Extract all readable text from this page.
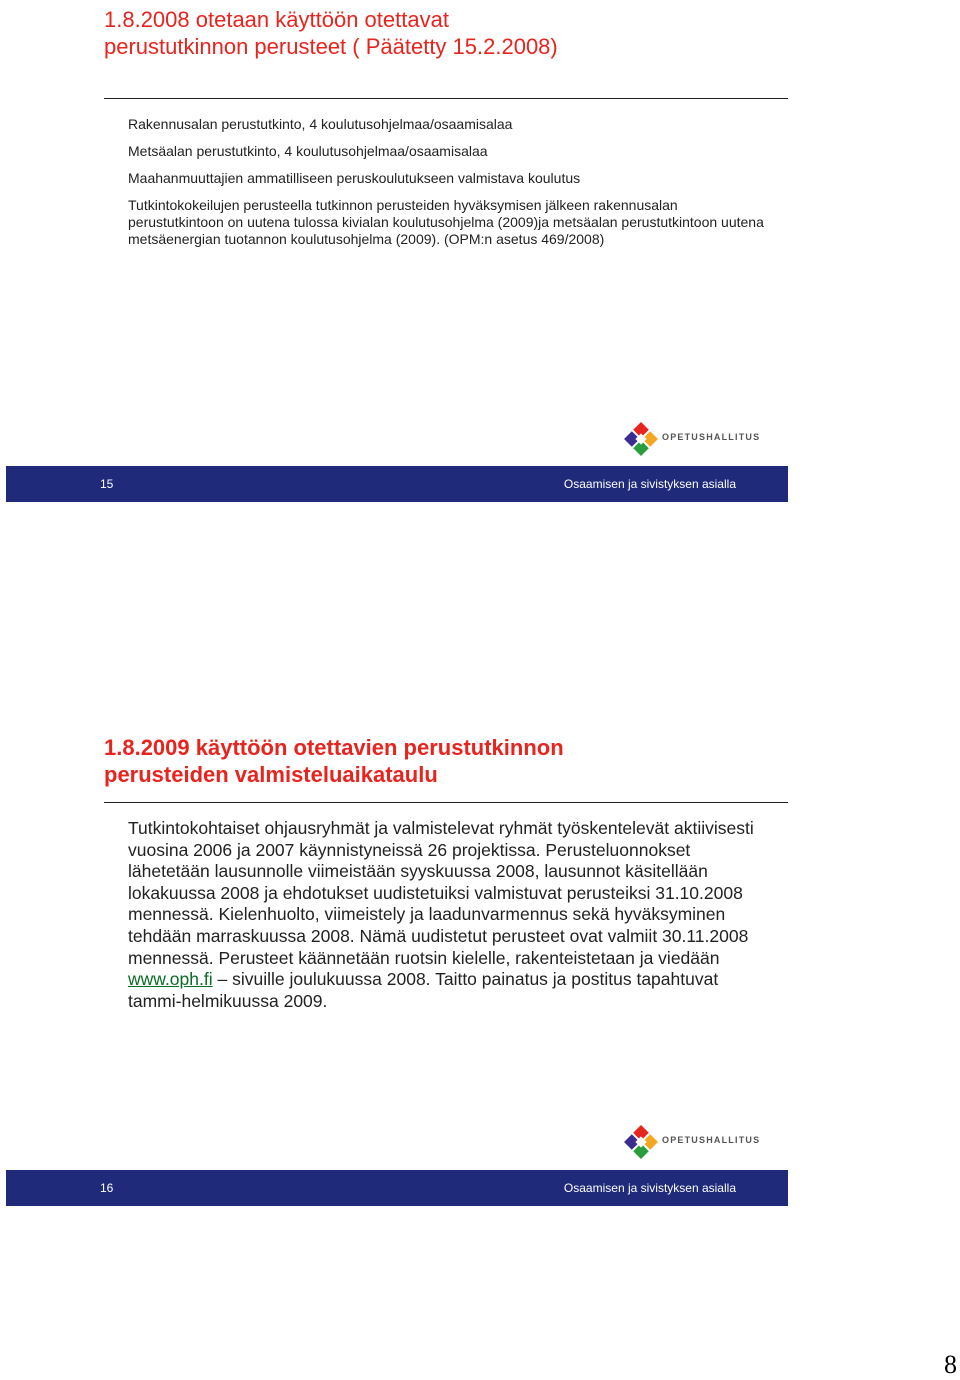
1.8.2008 otetaan käyttöön otettavat
perustutkinnon perusteet ( Päätetty 15.2.2008)

Rakennusalan perustutkinto, 4 koulutusohjelmaa/osaamisalaa

Metsäalan perustutkinto, 4 koulutusohjelmaa/osaamisalaa

Maahanmuuttajien ammatilliseen peruskoulutukseen valmistava koulutus

Tutkintokokeilujen perusteella tutkinnon perusteiden hyväksymisen jälkeen rakennusalan perustutkintoon on uutena tulossa kivialan koulutusohjelma (2009)ja metsäalan perustutkintoon uutena metsäenergian tuotannon koulutusohjelma (2009). (OPM:n asetus 469/2008)

OPETUSHALLITUS
15	Osaamisen ja sivistyksen asialla
1.8.2009 käyttöön otettavien perustutkinnon
perusteiden valmisteluaikataulu
Tutkintokohtaiset ohjausryhmät ja valmistelevat ryhmät työskentelevät aktiivisesti vuosina 2006 ja 2007 käynnistyneissä 26 projektissa. Perusteluonnokset lähetetään lausunnolle viimeistään syyskuussa 2008, lausunnot käsitellään lokakuussa 2008 ja ehdotukset uudistetuiksi valmistuvat perusteiksi 31.10.2008 mennessä. Kielenhuolto, viimeistely ja laadunvarmennus sekä hyväksyminen tehdään marraskuussa 2008. Nämä uudistetut perusteet ovat valmiit 30.11.2008 mennessä. Perusteet käännetään ruotsin kielelle, rakenteistetaan ja viedään www.oph.fi – sivuille joulukuussa 2008. Taitto painatus ja postitus tapahtuvat tammi-helmikuussa 2009.
OPETUSHALLITUS
16	Osaamisen ja sivistyksen asialla
8
